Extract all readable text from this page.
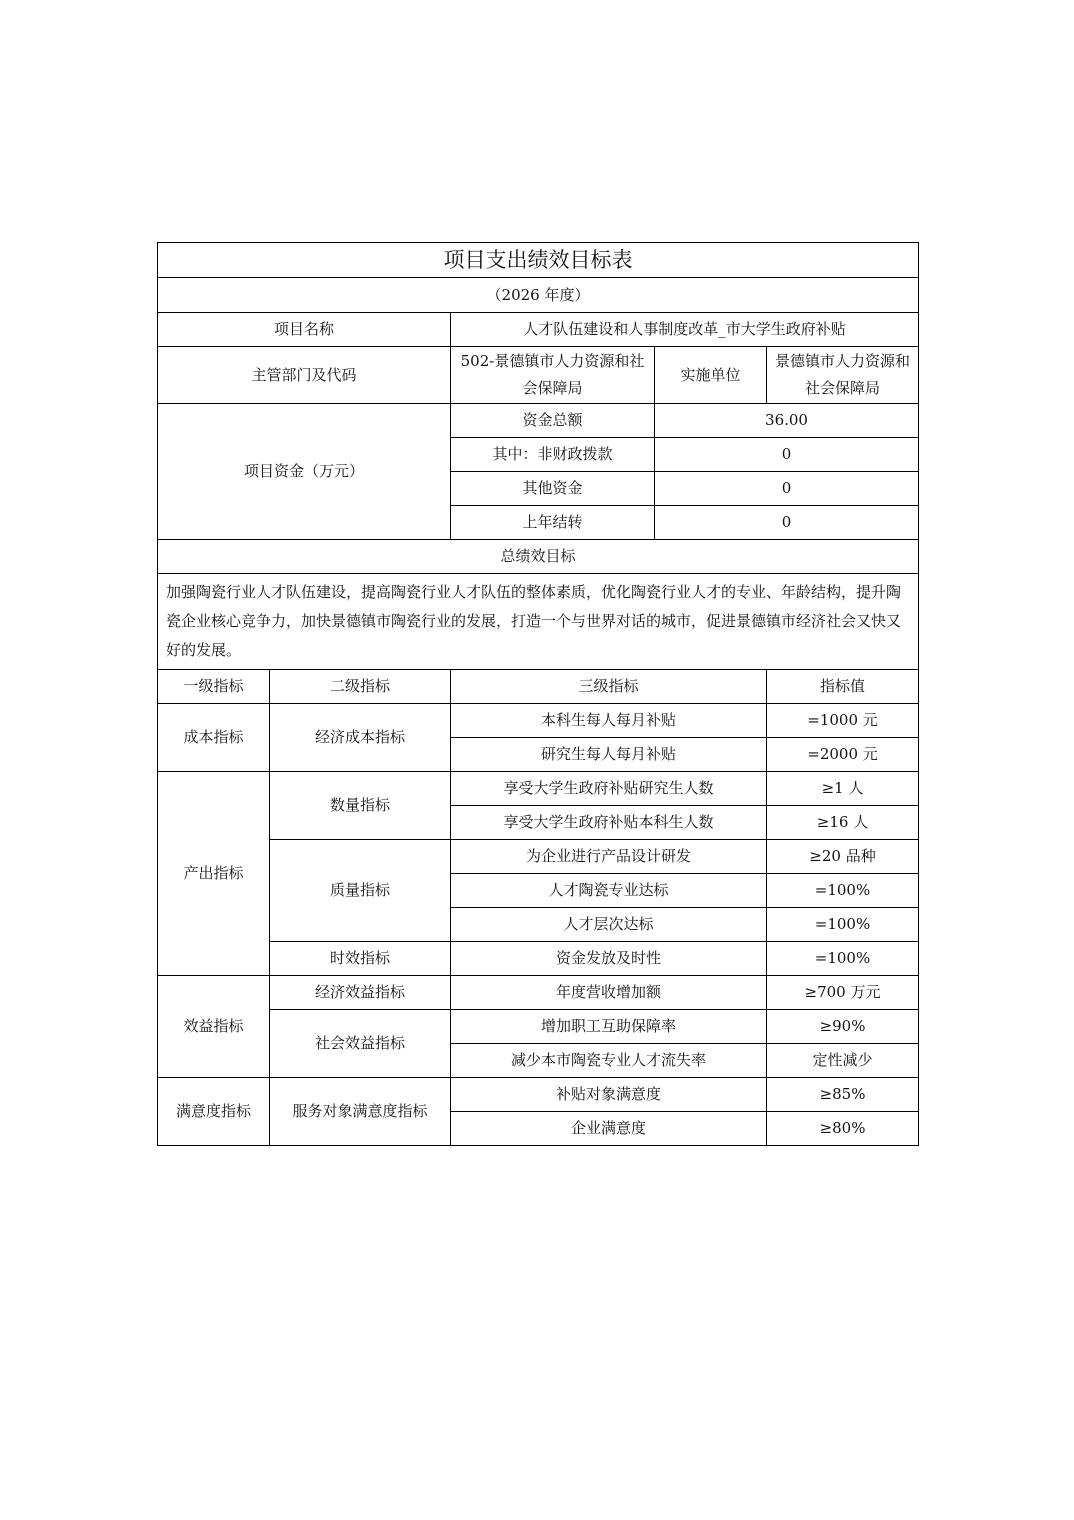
项目支出绩效目标表				
（2026 年度）				
项目名称		人才队伍建设和人事制度改革_市大学生政府补贴		
主管部门及代码		502-景德镇市人力资源和社会保障局	实施单位	景德镇市人力资源和社会保障局
项目资金（万元）		资金总额	36.00	
		其中：非财政拨款	0	
		其他资金	0	
		上年结转	0	
总绩效目标				
加强陶瓷行业人才队伍建设，提高陶瓷行业人才队伍的整体素质，优化陶瓷行业人才的专业、年龄结构，提升陶瓷企业核心竞争力，加快景德镇市陶瓷行业的发展，打造一个与世界对话的城市，促进景德镇市经济社会又快又好的发展。				
一级指标	二级指标	三级指标		指标值
成本指标	经济成本指标	本科生每人每月补贴		=1000 元
		研究生每人每月补贴		=2000 元
产出指标	数量指标	享受大学生政府补贴研究生人数		≥1 人
		享受大学生政府补贴本科生人数		≥16 人
	质量指标	为企业进行产品设计研发		≥20 品种
		人才陶瓷专业达标		=100%
		人才层次达标		=100%
	时效指标	资金发放及时性		=100%
效益指标	经济效益指标	年度营收增加额		≥700 万元
	社会效益指标	增加职工互助保障率		≥90%
		减少本市陶瓷专业人才流失率		定性减少
满意度指标	服务对象满意度指标	补贴对象满意度		≥85%
		企业满意度		≥80%
